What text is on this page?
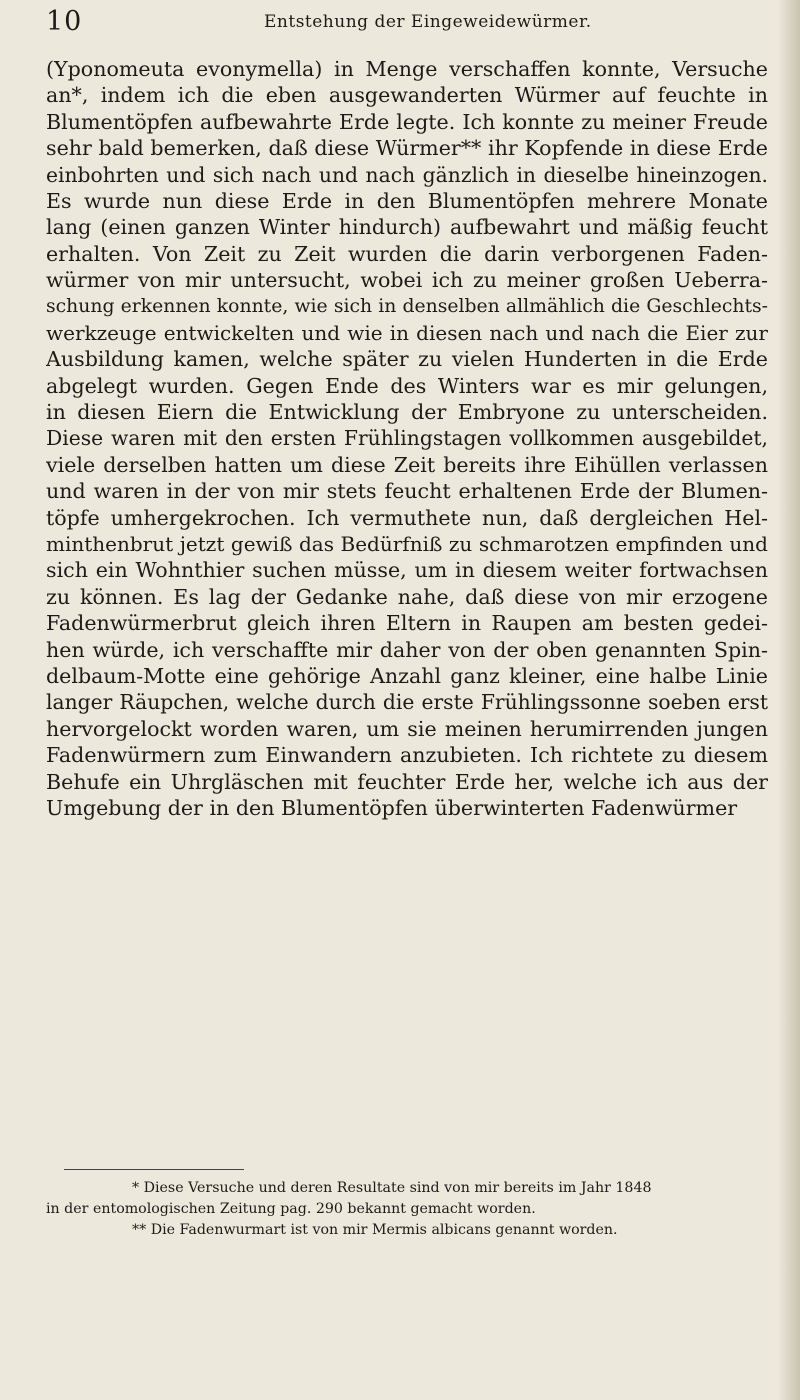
10	Entstehung der Eingeweidewürmer.
(Yponomeuta evonymella) in Menge verschaffen konnte, Versuche
an*, indem ich die eben ausgewanderten Würmer auf feuchte in
Blumentöpfen aufbewahrte Erde legte. Ich konnte zu meiner Freude
sehr bald bemerken, daß diese Würmer** ihr Kopfende in diese Erde
einbohrten und sich nach und nach gänzlich in dieselbe hineinzogen.
Es wurde nun diese Erde in den Blumentöpfen mehrere Monate
lang (einen ganzen Winter hindurch) aufbewahrt und mäßig feucht
erhalten. Von Zeit zu Zeit wurden die darin verborgenen Faden-
würmer von mir untersucht, wobei ich zu meiner großen Ueberra-
schung erkennen konnte, wie sich in denselben allmählich die Geschlechts-
werkzeuge entwickelten und wie in diesen nach und nach die Eier zur
Ausbildung kamen, welche später zu vielen Hunderten in die Erde
abgelegt wurden. Gegen Ende des Winters war es mir gelungen,
in diesen Eiern die Entwicklung der Embryone zu unterscheiden.
Diese waren mit den ersten Frühlingstagen vollkommen ausgebildet,
viele derselben hatten um diese Zeit bereits ihre Eihüllen verlassen
und waren in der von mir stets feucht erhaltenen Erde der Blumen-
töpfe umhergekrochen. Ich vermuthete nun, daß dergleichen Hel-
minthenbrut jetzt gewiß das Bedürfniß zu schmarotzen empfinden und
sich ein Wohnthier suchen müsse, um in diesem weiter fortwachsen
zu können. Es lag der Gedanke nahe, daß diese von mir erzogene
Fadenwürmerbrut gleich ihren Eltern in Raupen am besten gedei-
hen würde, ich verschaffte mir daher von der oben genannten Spin-
delbaum-Motte eine gehörige Anzahl ganz kleiner, eine halbe Linie
langer Räupchen, welche durch die erste Frühlingssonne soeben erst
hervorgelockt worden waren, um sie meinen herumirrenden jungen
Fadenwürmern zum Einwandern anzubieten. Ich richtete zu diesem
Behufe ein Uhrgläschen mit feuchter Erde her, welche ich aus der
Umgebung der in den Blumentöpfen überwinterten Fadenwürmer
* Diese Versuche und deren Resultate sind von mir bereits im Jahr 1848
in der entomologischen Zeitung pag. 290 bekannt gemacht worden.
** Die Fadenwurmart ist von mir Mermis albicans genannt worden.
